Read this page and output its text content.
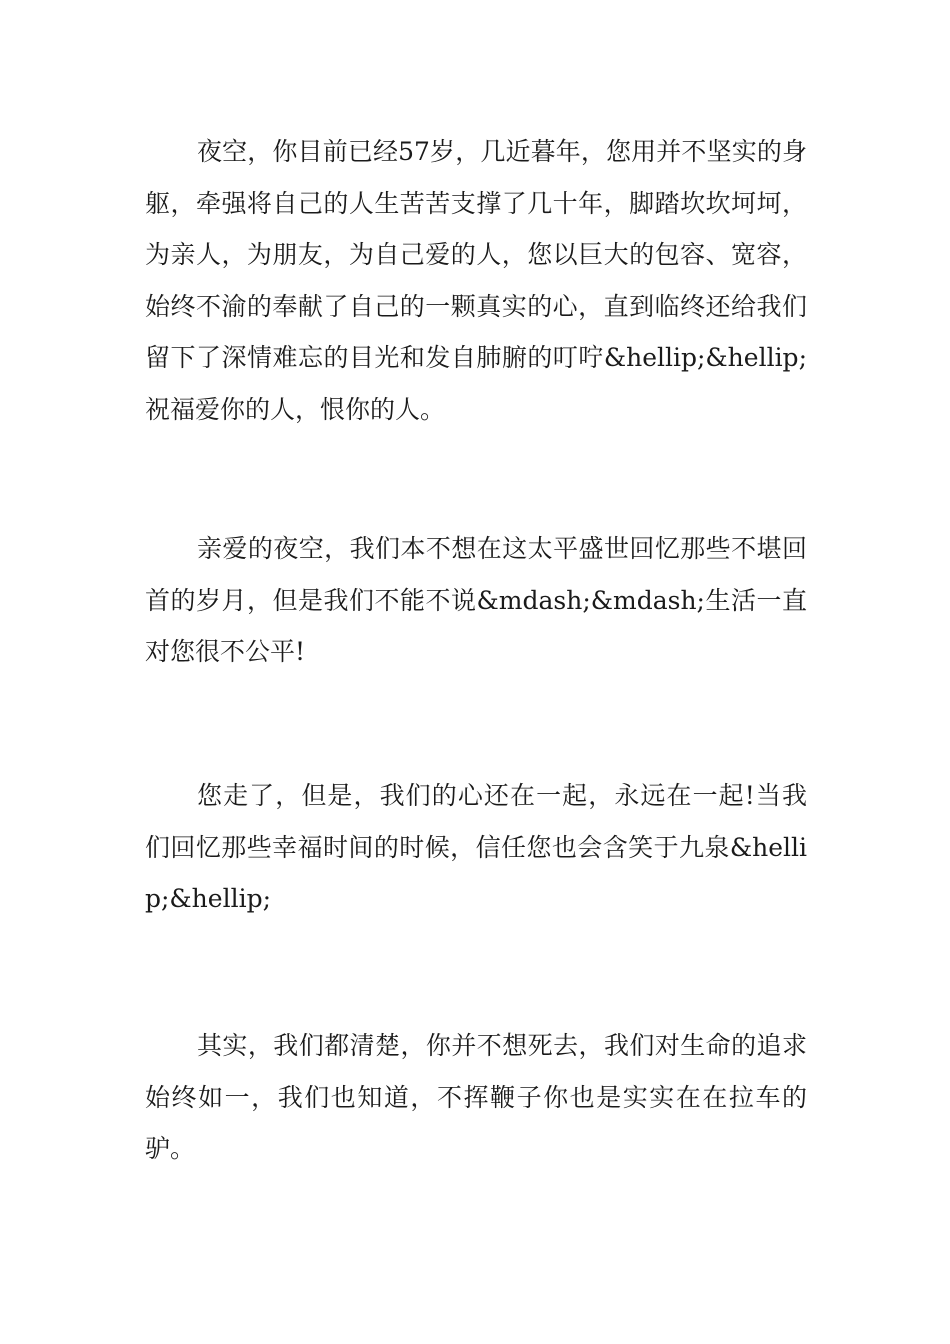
夜空，你目前已经57岁，几近暮年，您用并不坚实的身躯，牵强将自己的人生苦苦支撑了几十年，脚踏坎坎坷坷，为亲人，为朋友，为自己爱的人，您以巨大的包容、宽容，始终不渝的奉献了自己的一颗真实的心，直到临终还给我们留下了深情难忘的目光和发自肺腑的叮咛&hellip;&hellip;祝福爱你的人，恨你的人。

亲爱的夜空，我们本不想在这太平盛世回忆那些不堪回首的岁月，但是我们不能不说&mdash;&mdash;生活一直对您很不公平!

您走了，但是，我们的心还在一起，永远在一起!当我们回忆那些幸福时间的时候，信任您也会含笑于九泉&hellip;&hellip;

其实，我们都清楚，你并不想死去，我们对生命的追求始终如一，我们也知道，不挥鞭子你也是实实在在拉车的驴。
